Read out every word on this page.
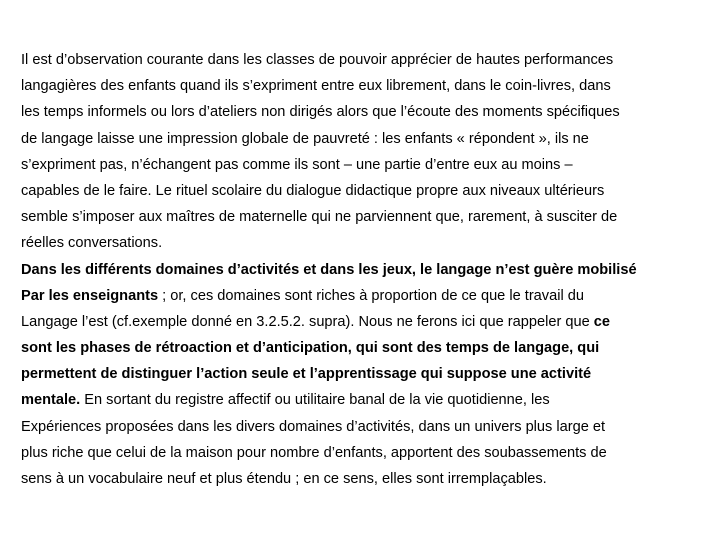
Il est d’observation courante dans les classes de pouvoir apprécier de hautes performances
langagières des enfants quand ils s’expriment entre eux librement, dans le coin-livres, dans
les temps informels ou lors d’ateliers non dirigés alors que l’écoute des moments spécifiques
de langage laisse une impression globale de pauvreté : les enfants « répondent », ils ne
s’expriment pas, n’échangent pas comme ils sont – une partie d’entre eux au moins –
capables de le faire. Le rituel scolaire du dialogue didactique propre aux niveaux ultérieurs
semble s’imposer aux maîtres de maternelle qui ne parviennent que, rarement, à susciter de
réelles conversations.
Dans les différents domaines d’activités et dans les jeux, le langage n’est guère mobilisé
Par les enseignants ; or, ces domaines sont riches à proportion de ce que le travail du
Langage l’est (cf.exemple donné en 3.2.5.2. supra). Nous ne ferons ici que rappeler que ce
sont les phases de rétroaction et d’anticipation, qui sont des temps de langage, qui
permettent de distinguer l’action seule et l’apprentissage qui suppose une activité
mentale. En sortant du registre affectif ou utilitaire banal de la vie quotidienne, les
Expériences proposées dans les divers domaines d’activités, dans un univers plus large et
plus riche que celui de la maison pour nombre d’enfants, apportent des soubassements de
sens à un vocabulaire neuf et plus étendu ; en ce sens, elles sont irremplaçables.
